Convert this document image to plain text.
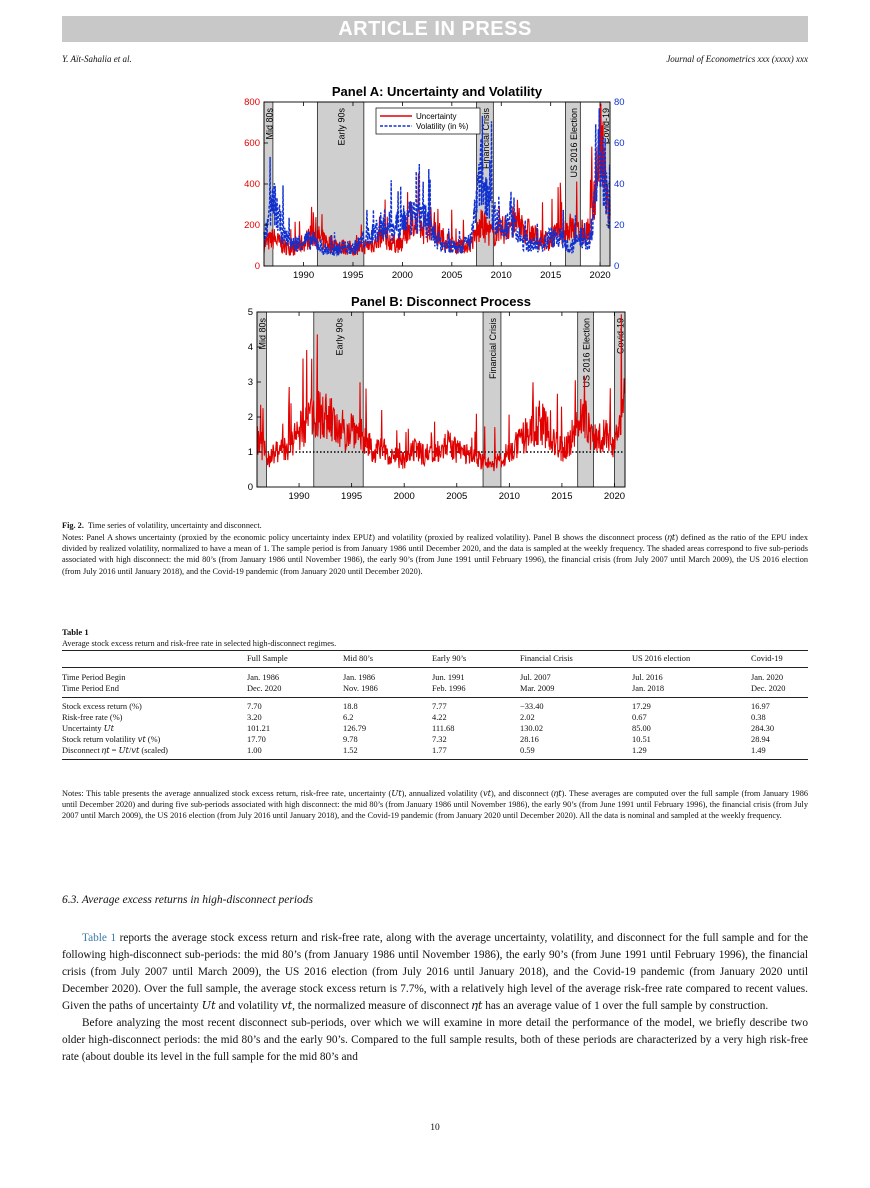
ARTICLE IN PRESS
Y. Aït-Sahalia et al.	Journal of Econometrics xxx (xxxx) xxx
Panel A: Uncertainty and Volatility
Mid 80s	Early 90s	Financial Crisis	US 2016 Election Covid-19
1990	1995	2000	2005	2010	2015	2020
0
200
400
600
800
0
20
40
60
80
Uncertainty
Volatility (in %)
Panel B: Disconnect Process
Mid 80s	Early 90s	Financial Crisis	US 2016 Election	Covid-19
1990	1995	2000	2005	2010	2015	2020
0
1
2
3
4
5
Fig. 2. Time series of volatility, uncertainty and disconnect.
Notes: Panel A shows uncertainty (proxied by the economic policy uncertainty index EPU𝑡) and volatility (proxied by realized volatility). Panel B shows the disconnect process (𝜂𝑡) defined as the ratio of the EPU index divided by realized volatility, normalized to have a mean of 1. The sample period is from January 1986 until December 2020, and the data is sampled at the weekly frequency. The shaded areas correspond to five sub-periods associated with high disconnect: the mid 80’s (from January 1986 until November 1986), the early 90’s (from June 1991 until February 1996), the financial crisis (from July 2007 until March 2009), the US 2016 election (from July 2016 until January 2018), and the Covid-19 pandemic (from January 2020 until December 2020).
Table 1
Average stock excess return and risk-free rate in selected high-disconnect regimes.
	Full Sample	Mid 80’s	Early 90’s	Financial Crisis	US 2016 election	Covid-19
Time Period Begin	Jan. 1986	Jan. 1986	Jun. 1991	Jul. 2007	Jul. 2016	Jan. 2020
Time Period End	Dec. 2020	Nov. 1986	Feb. 1996	Mar. 2009	Jan. 2018	Dec. 2020
Stock excess return (%)	7.70	18.8	7.77	−33.40	17.29	16.97
Risk-free rate (%)	3.20	6.2	4.22	2.02	0.67	0.38
Uncertainty 𝑈𝑡	101.21	126.79	111.68	130.02	85.00	284.30
Stock return volatility 𝑣𝑡 (%)	17.70	9.78	7.32	28.16	10.51	28.94
Disconnect 𝜂𝑡 = 𝑈𝑡/𝑣𝑡 (scaled)	1.00	1.52	1.77	0.59	1.29	1.49
Notes: This table presents the average annualized stock excess return, risk-free rate, uncertainty (𝑈𝑡), annualized volatility (𝑣𝑡), and disconnect (𝜂𝑡). These averages are computed over the full sample (from January 1986 until December 2020) and during five sub-periods associated with high disconnect: the mid 80’s (from January 1986 until November 1986), the early 90’s (from June 1991 until February 1996), the financial crisis (from July 2007 until March 2009), the US 2016 election (from July 2016 until January 2018), and the Covid-19 pandemic (from January 2020 until December 2020). All the data is nominal and sampled at the weekly frequency.
6.3. Average excess returns in high-disconnect periods

Table 1 reports the average stock excess return and risk-free rate, along with the average uncertainty, volatility, and disconnect for the full sample and for the following high-disconnect sub-periods: the mid 80’s (from January 1986 until November 1986), the early 90’s (from June 1991 until February 1996), the financial crisis (from July 2007 until March 2009), the US 2016 election (from July 2016 until January 2018), and the Covid-19 pandemic (from January 2020 until December 2020). Over the full sample, the average stock excess return is 7.7%, with a relatively high level of the average risk-free rate compared to recent values. Given the paths of uncertainty 𝑈𝑡 and volatility 𝑣𝑡, the normalized measure of disconnect 𝜂𝑡 has an average value of 1 over the full sample by construction.

Before analyzing the most recent disconnect sub-periods, over which we will examine in more detail the performance of the model, we briefly describe two older high-disconnect periods: the mid 80’s and the early 90’s. Compared to the full sample results, both of these periods are characterized by a very high risk-free rate (about double its level in the full sample for the mid 80’s and

10
